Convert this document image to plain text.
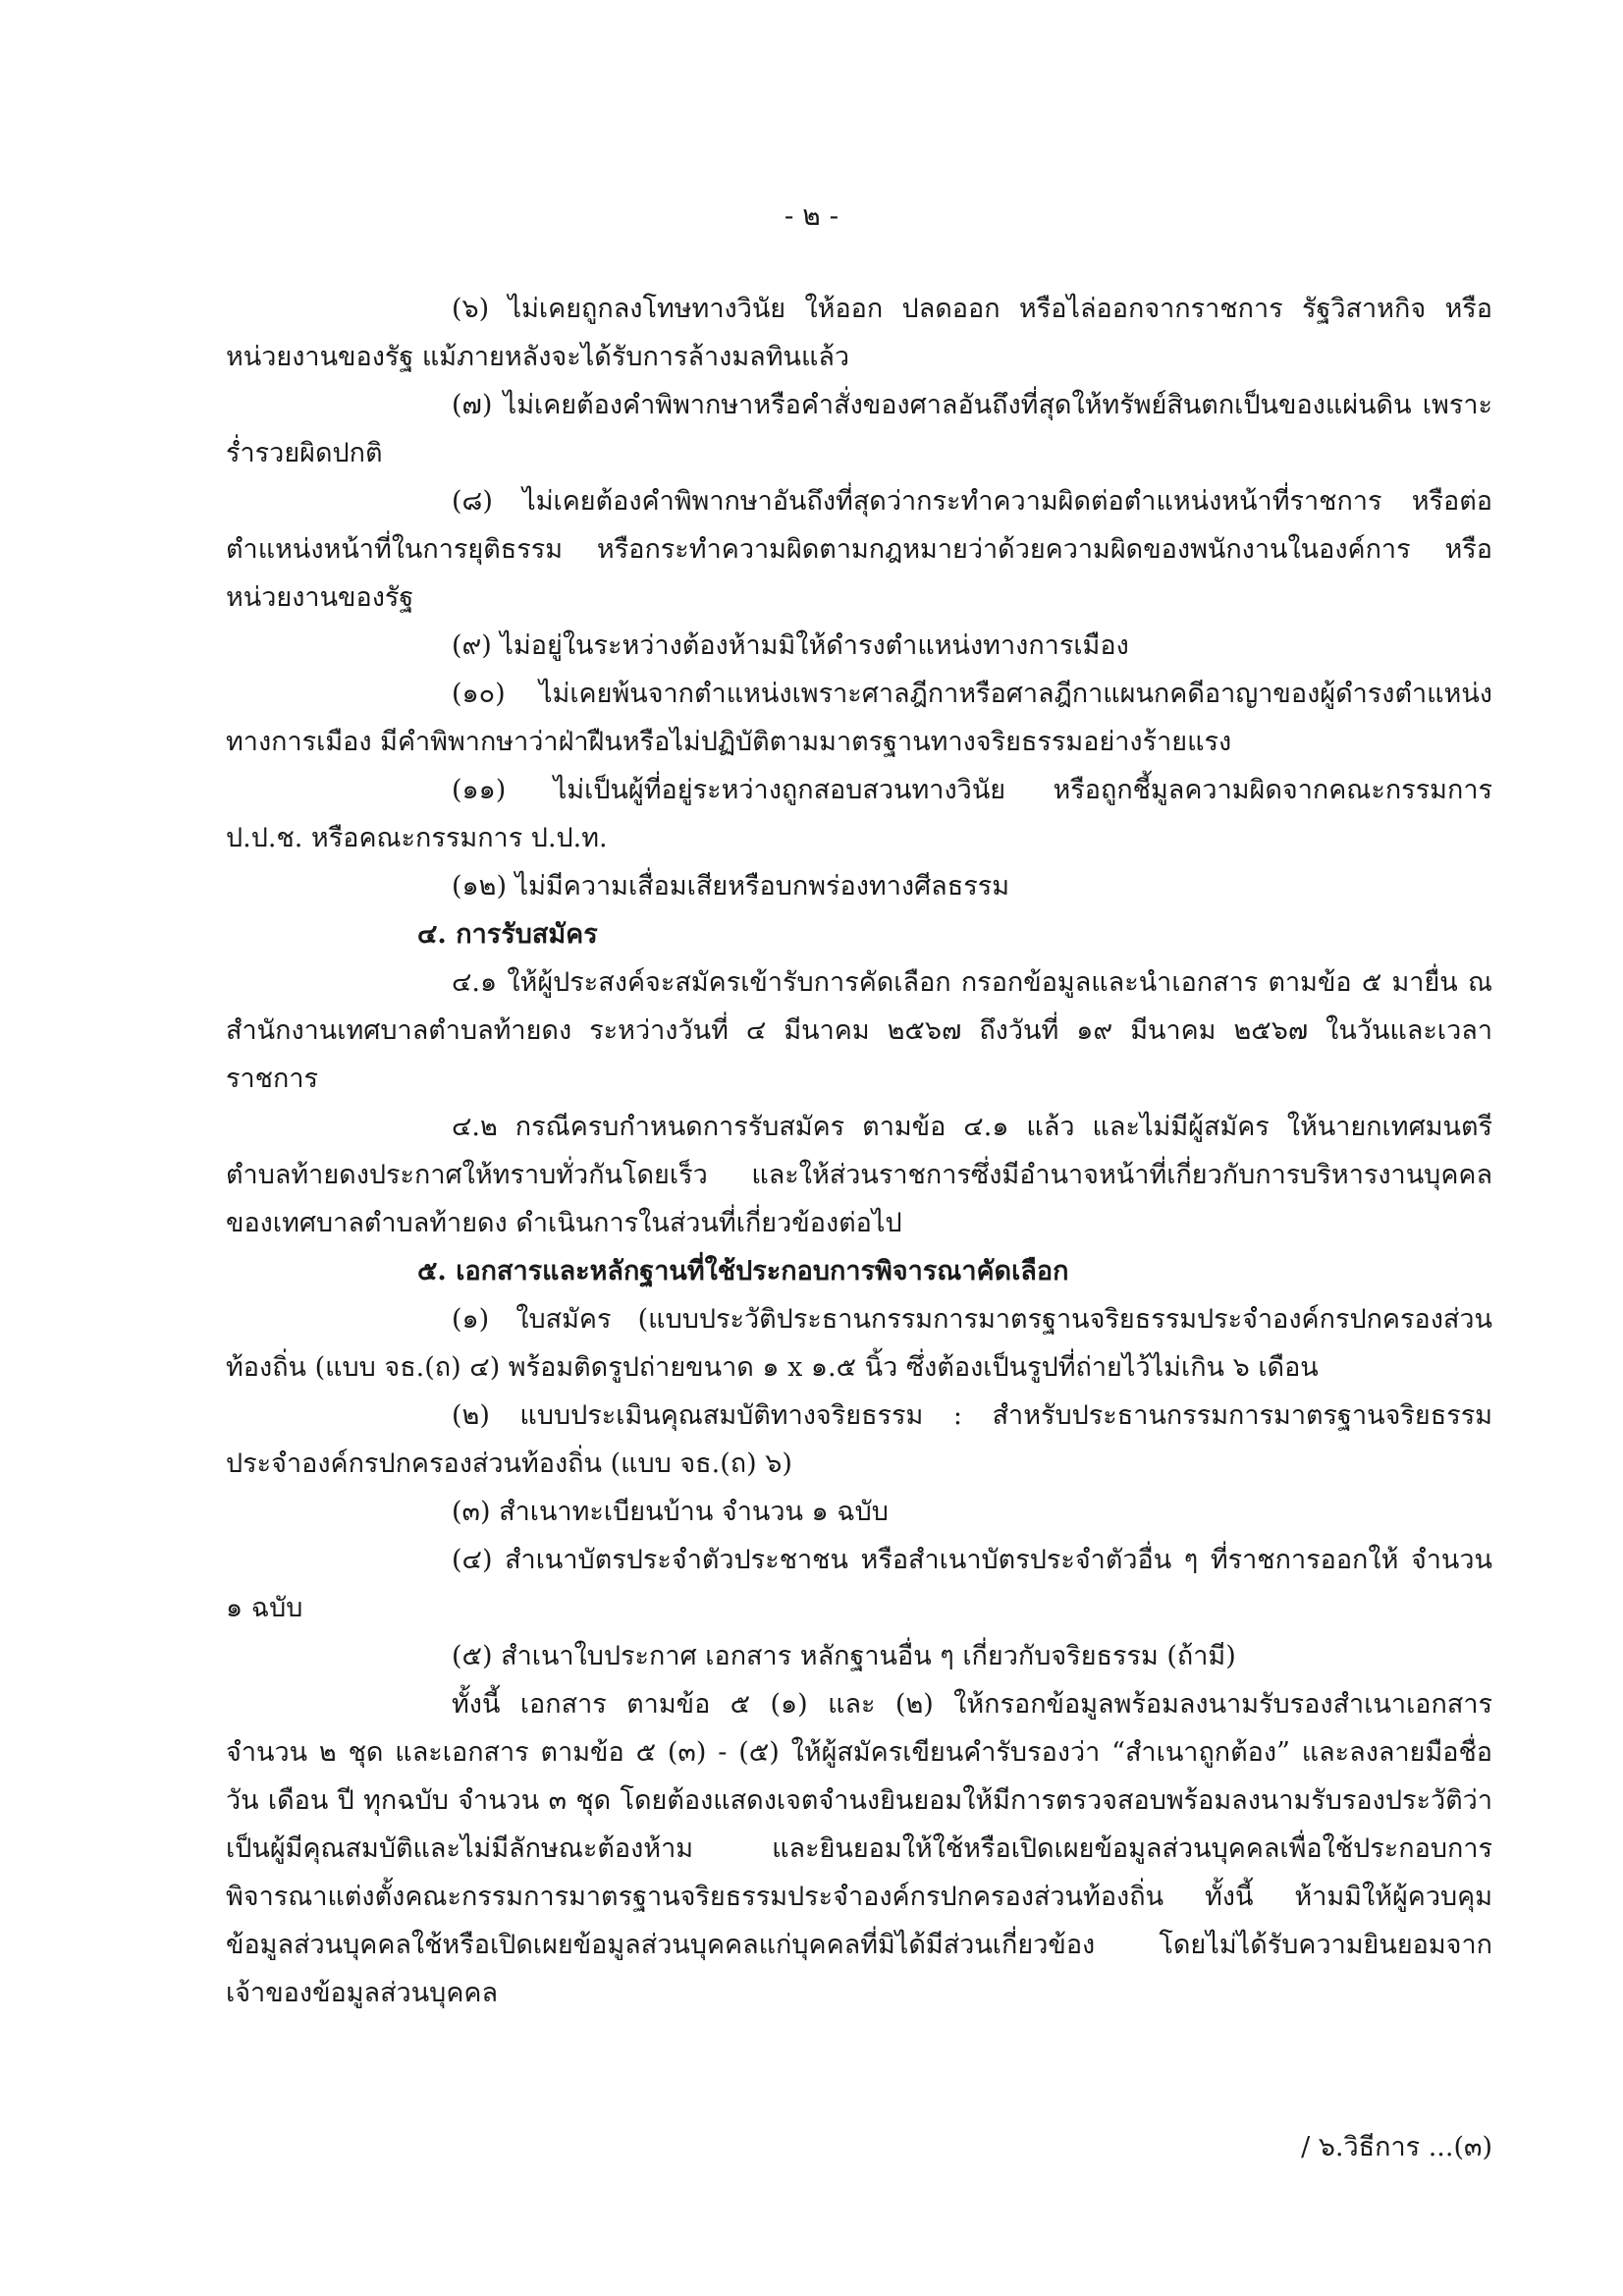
- ๒ -

(๖) ไม่เคยถูกลงโทษทางวินัย ให้ออก ปลดออก หรือไล่ออกจากราชการ รัฐวิสาหกิจ หรือหน่วยงานของรัฐ แม้ภายหลังจะได้รับการล้างมลทินแล้ว

(๗) ไม่เคยต้องคำพิพากษาหรือคำสั่งของศาลอันถึงที่สุดให้ทรัพย์สินตกเป็นของแผ่นดิน เพราะร่ำรวยผิดปกติ

(๘) ไม่เคยต้องคำพิพากษาอันถึงที่สุดว่ากระทำความผิดต่อตำแหน่งหน้าที่ราชการ หรือต่อตำแหน่งหน้าที่ในการยุติธรรม หรือกระทำความผิดตามกฎหมายว่าด้วยความผิดของพนักงานในองค์การ หรือหน่วยงานของรัฐ

(๙) ไม่อยู่ในระหว่างต้องห้ามมิให้ดำรงตำแหน่งทางการเมือง

(๑๐) ไม่เคยพ้นจากตำแหน่งเพราะศาลฎีกาหรือศาลฎีกาแผนกคดีอาญาของผู้ดำรงตำแหน่งทางการเมือง มีคำพิพากษาว่าฝ่าฝืนหรือไม่ปฏิบัติตามมาตรฐานทางจริยธรรมอย่างร้ายแรง

(๑๑) ไม่เป็นผู้ที่อยู่ระหว่างถูกสอบสวนทางวินัย หรือถูกชี้มูลความผิดจากคณะกรรมการ ป.ป.ช. หรือคณะกรรมการ ป.ป.ท.

(๑๒) ไม่มีความเสื่อมเสียหรือบกพร่องทางศีลธรรม

๔. การรับสมัคร

๔.๑ ให้ผู้ประสงค์จะสมัครเข้ารับการคัดเลือก กรอกข้อมูลและนำเอกสาร ตามข้อ ๕ มายื่น ณ สำนักงานเทศบาลตำบลท้ายดง ระหว่างวันที่ ๔ มีนาคม ๒๕๖๗ ถึงวันที่ ๑๙ มีนาคม ๒๕๖๗ ในวันและเวลาราชการ

๔.๒ กรณีครบกำหนดการรับสมัคร ตามข้อ ๔.๑ แล้ว และไม่มีผู้สมัคร ให้นายกเทศมนตรีตำบลท้ายดงประกาศให้ทราบทั่วกันโดยเร็ว และให้ส่วนราชการซึ่งมีอำนาจหน้าที่เกี่ยวกับการบริหารงานบุคคลของเทศบาลตำบลท้ายดง ดำเนินการในส่วนที่เกี่ยวข้องต่อไป

๕. เอกสารและหลักฐานที่ใช้ประกอบการพิจารณาคัดเลือก

(๑) ใบสมัคร (แบบประวัติประธานกรรมการมาตรฐานจริยธรรมประจำองค์กรปกครองส่วนท้องถิ่น (แบบ จธ.(ถ) ๔) พร้อมติดรูปถ่ายขนาด ๑ x ๑.๕ นิ้ว ซึ่งต้องเป็นรูปที่ถ่ายไว้ไม่เกิน ๖ เดือน

(๒) แบบประเมินคุณสมบัติทางจริยธรรม : สำหรับประธานกรรมการมาตรฐานจริยธรรมประจำองค์กรปกครองส่วนท้องถิ่น (แบบ จธ.(ถ) ๖)

(๓) สำเนาทะเบียนบ้าน จำนวน ๑ ฉบับ

(๔) สำเนาบัตรประจำตัวประชาชน หรือสำเนาบัตรประจำตัวอื่น ๆ ที่ราชการออกให้ จำนวน ๑ ฉบับ

(๕) สำเนาใบประกาศ เอกสาร หลักฐานอื่น ๆ เกี่ยวกับจริยธรรม (ถ้ามี)

ทั้งนี้ เอกสาร ตามข้อ ๕ (๑) และ (๒) ให้กรอกข้อมูลพร้อมลงนามรับรองสำเนาเอกสาร จำนวน ๒ ชุด และเอกสาร ตามข้อ ๕ (๓) - (๕) ให้ผู้สมัครเขียนคำรับรองว่า “สำเนาถูกต้อง” และลงลายมือชื่อ วัน เดือน ปี ทุกฉบับ จำนวน ๓ ชุด โดยต้องแสดงเจตจำนงยินยอมให้มีการตรวจสอบพร้อมลงนามรับรองประวัติว่าเป็นผู้มีคุณสมบัติและไม่มีลักษณะต้องห้าม และยินยอมให้ใช้หรือเปิดเผยข้อมูลส่วนบุคคลเพื่อใช้ประกอบการพิจารณาแต่งตั้งคณะกรรมการมาตรฐานจริยธรรมประจำองค์กรปกครองส่วนท้องถิ่น ทั้งนี้ ห้ามมิให้ผู้ควบคุมข้อมูลส่วนบุคคลใช้หรือเปิดเผยข้อมูลส่วนบุคคลแก่บุคคลที่มิได้มีส่วนเกี่ยวข้อง โดยไม่ได้รับความยินยอมจากเจ้าของข้อมูลส่วนบุคคล

/ ๖.วิธีการ ...(๓)
